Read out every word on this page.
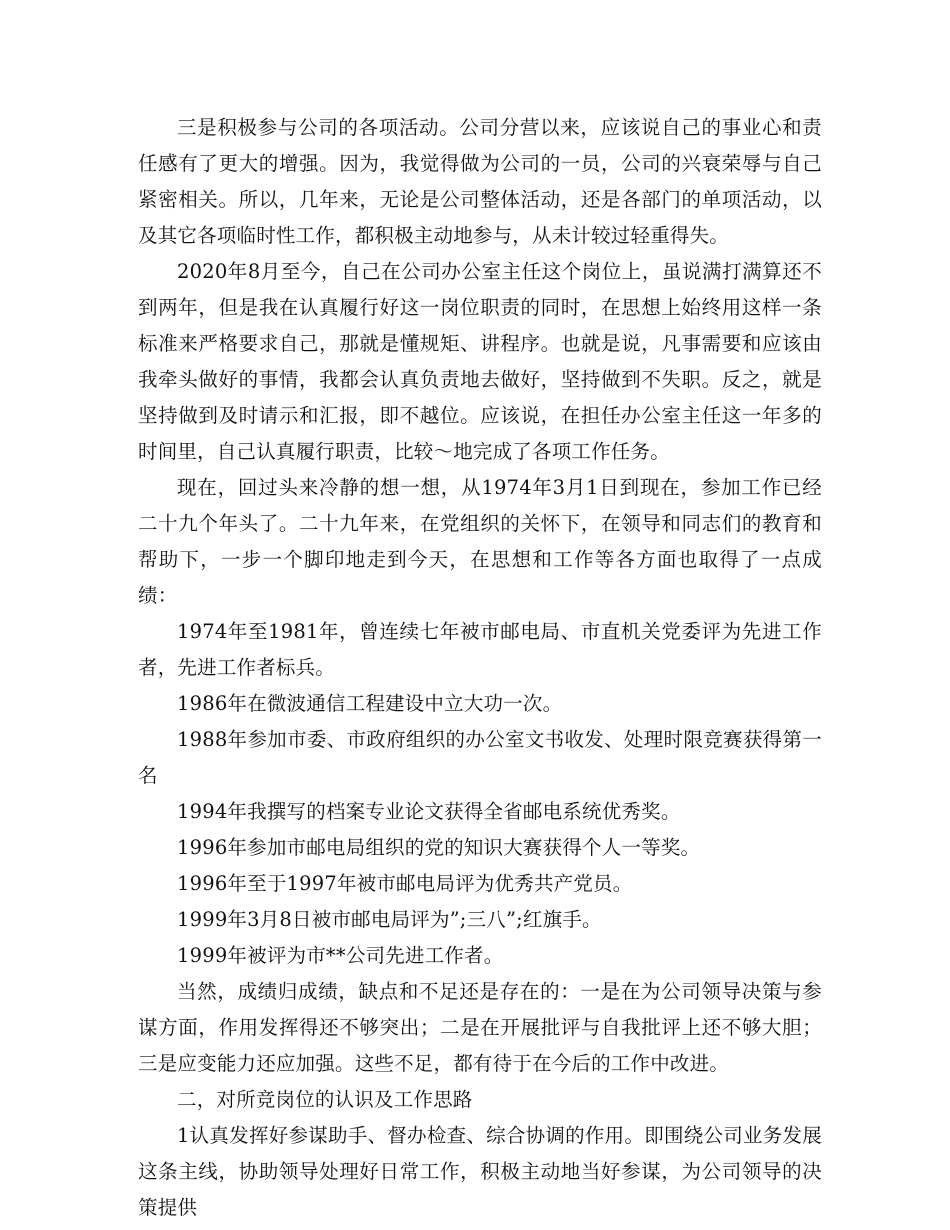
三是积极参与公司的各项活动。公司分营以来，应该说自己的事业心和责任感有了更大的增强。因为，我觉得做为公司的一员，公司的兴衰荣辱与自己紧密相关。所以，几年来，无论是公司整体活动，还是各部门的单项活动，以及其它各项临时性工作，都积极主动地参与，从未计较过轻重得失。

2020年8月至今，自己在公司办公室主任这个岗位上，虽说满打满算还不到两年，但是我在认真履行好这一岗位职责的同时，在思想上始终用这样一条标准来严格要求自己，那就是懂规矩、讲程序。也就是说，凡事需要和应该由我牵头做好的事情，我都会认真负责地去做好，坚持做到不失职。反之，就是坚持做到及时请示和汇报，即不越位。应该说，在担任办公室主任这一年多的时间里，自己认真履行职责，比较～地完成了各项工作任务。

现在，回过头来冷静的想一想，从1974年3月1日到现在，参加工作已经二十九个年头了。二十九年来，在党组织的关怀下，在领导和同志们的教育和帮助下，一步一个脚印地走到今天，在思想和工作等各方面也取得了一点成绩：

1974年至1981年，曾连续七年被市邮电局、市直机关党委评为先进工作者，先进工作者标兵。

1986年在微波通信工程建设中立大功一次。

1988年参加市委、市政府组织的办公室文书收发、处理时限竞赛获得第一名

1994年我撰写的档案专业论文获得全省邮电系统优秀奖。

1996年参加市邮电局组织的党的知识大赛获得个人一等奖。

1996年至于1997年被市邮电局评为优秀共产党员。

1999年3月8日被市邮电局评为”;三八”;红旗手。

1999年被评为市**公司先进工作者。

当然，成绩归成绩，缺点和不足还是存在的：一是在为公司领导决策与参谋方面，作用发挥得还不够突出；二是在开展批评与自我批评上还不够大胆；三是应变能力还应加强。这些不足，都有待于在今后的工作中改进。

二，对所竞岗位的认识及工作思路

1认真发挥好参谋助手、督办检查、综合协调的作用。即围绕公司业务发展这条主线，协助领导处理好日常工作，积极主动地当好参谋，为公司领导的决策提供
